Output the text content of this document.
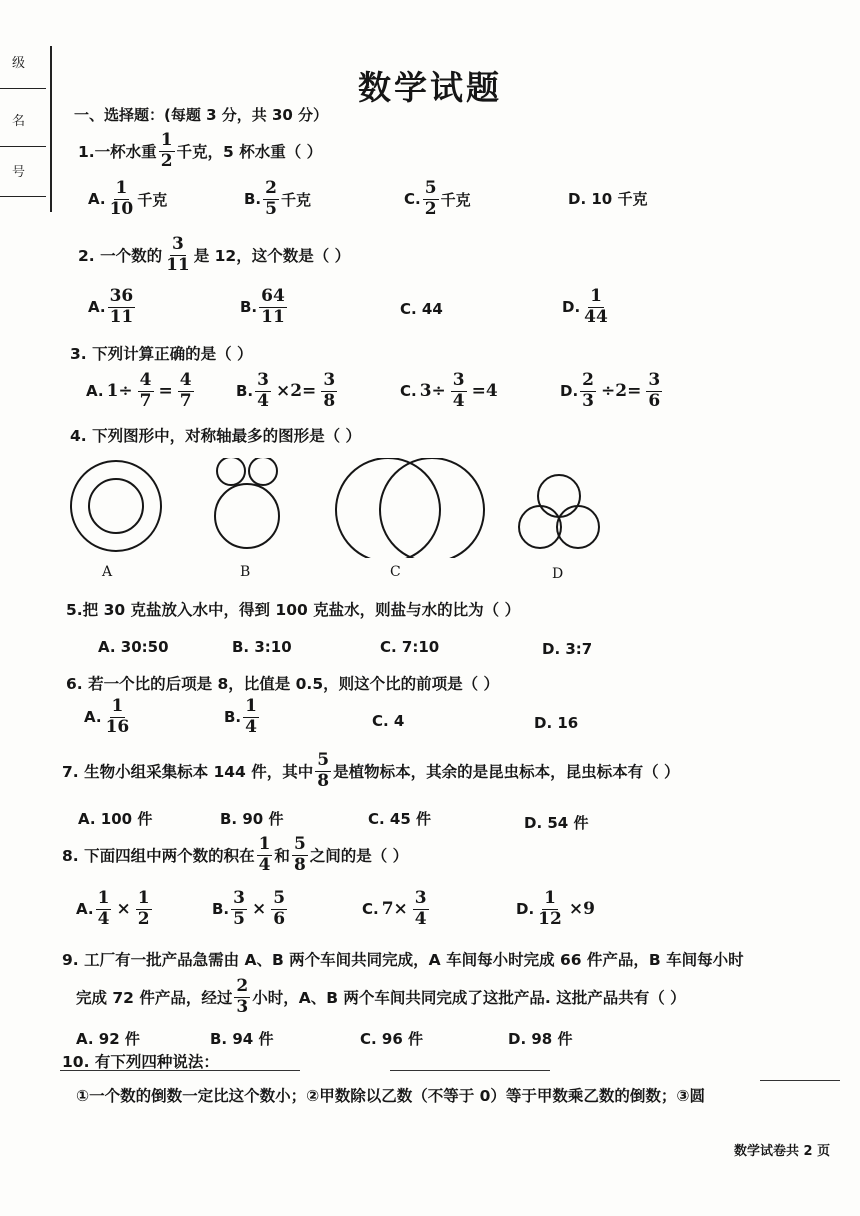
级
名
号
数学试题
一、选择题：(每题 3 分，共 30 分）
1.一杯水重 $\frac{1}{2}$ 千克，5 杯水重（ ）
A. $\frac{1}{10}$ 千克	B. $\frac{2}{5}$ 千克	C. $\frac{5}{2}$ 千克	D. 10 千克
2. 一个数的 $\frac{3}{11}$ 是 12，这个数是（ ）
A. $\frac{36}{11}$	B. $\frac{64}{11}$	C. 44	D. $\frac{1}{44}$
3. 下列计算正确的是（ ）
A. $1\div \frac{4}{7} = \frac{4}{7}$	B. $\frac{3}{4} \times 2= \frac{3}{8}$	C. $3\div \frac{3}{4} =4$	D. $\frac{2}{3} \div 2= \frac{3}{6}$
4. 下列图形中，对称轴最多的图形是（ ）
A	B	C	D
5.把 30 克盐放入水中，得到 100 克盐水，则盐与水的比为（ ）
A. 30:50	B. 3:10	C. 7:10	D. 3:7
6. 若一个比的后项是 8，比值是 0.5，则这个比的前项是（ ）
A. $\frac{1}{16}$	B. $\frac{1}{4}$	C. 4	D. 16
7. 生物小组采集标本 144 件，其中 $\frac{5}{8}$ 是植物标本，其余的是昆虫标本，昆虫标本有（ ）
A. 100 件	B. 90 件	C. 45 件	D. 54 件
8. 下面四组中两个数的积在 $\frac{1}{4}$ 和 $\frac{5}{8}$ 之间的是（ ）
A. $\frac{1}{4} \times \frac{1}{2}$	B. $\frac{3}{5} \times \frac{5}{6}$	C. $7\times \frac{3}{4}$	D. $\frac{1}{12} \times 9$
9. 工厂有一批产品急需由 A、B 两个车间共同完成，A 车间每小时完成 66 件产品，B 车间每小时
完成 72 件产品，经过 $\frac{2}{3}$ 小时，A、B 两个车间共同完成了这批产品. 这批产品共有（ ）
A. 92 件	B. 94 件	C. 96 件	D. 98 件
10. 有下列四种说法：
①一个数的倒数一定比这个数小；②甲数除以乙数（不等于 0）等于甲数乘乙数的倒数；③圆
数学试卷共 2 页
